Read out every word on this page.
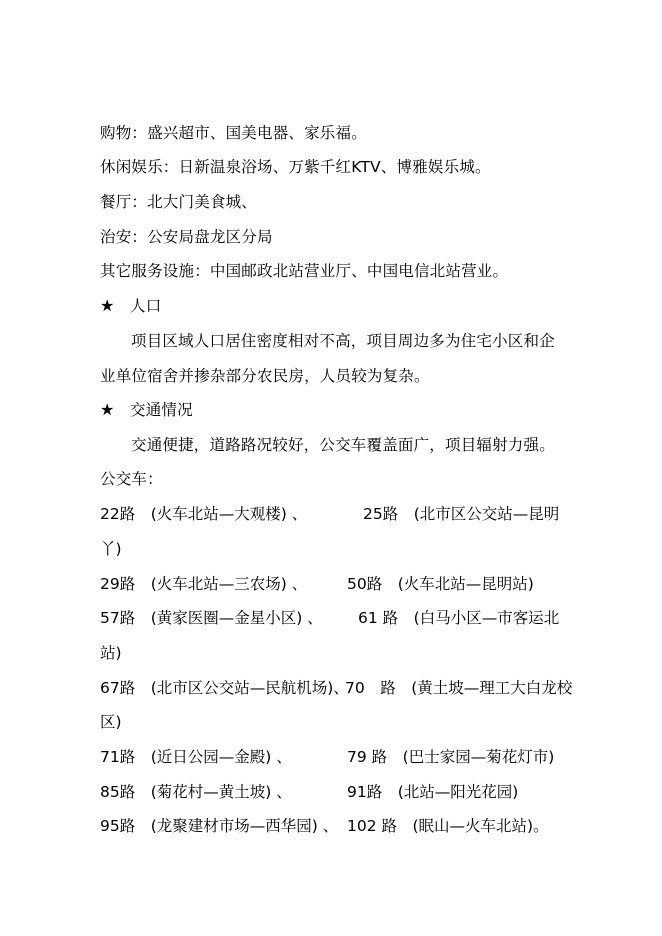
购物：盛兴超市、国美电器、家乐福。
休闲娱乐：日新温泉浴场、万紫千红KTV、博雅娱乐城。
餐厅：北大门美食城、
治安：公安局盘龙区分局
其它服务设施：中国邮政北站营业厅、中国电信北站营业。
★ 人口
项目区域人口居住密度相对不高，项目周边多为住宅小区和企
业单位宿舍并掺杂部分农民房，人员较为复杂。
★ 交通情况
交通便捷，道路路况较好，公交车覆盖面广，项目辐射力强。
公交车：
22路　(火车北站—大观楼) 、	25路　(北市区公交站—昆明
丫)
29路　(火车北站—三农场) 、	50路　(火车北站—昆明站)
57路　(黄家医圈—金星小区) 、 61 路　(白马小区—市客运北
站)
67路　(北市区公交站—民航机场)、
70　路　(黄土坡—理工大白龙校
区)
71路　(近日公园—金殿) 、	79 路　(巴士家园—菊花灯市)
85路　(菊花村—黄土坡) 、	91路　(北站—阳光花园)
95路　(龙聚建材市场—西华园) 、 102 路　(眠山—火车北站)。
